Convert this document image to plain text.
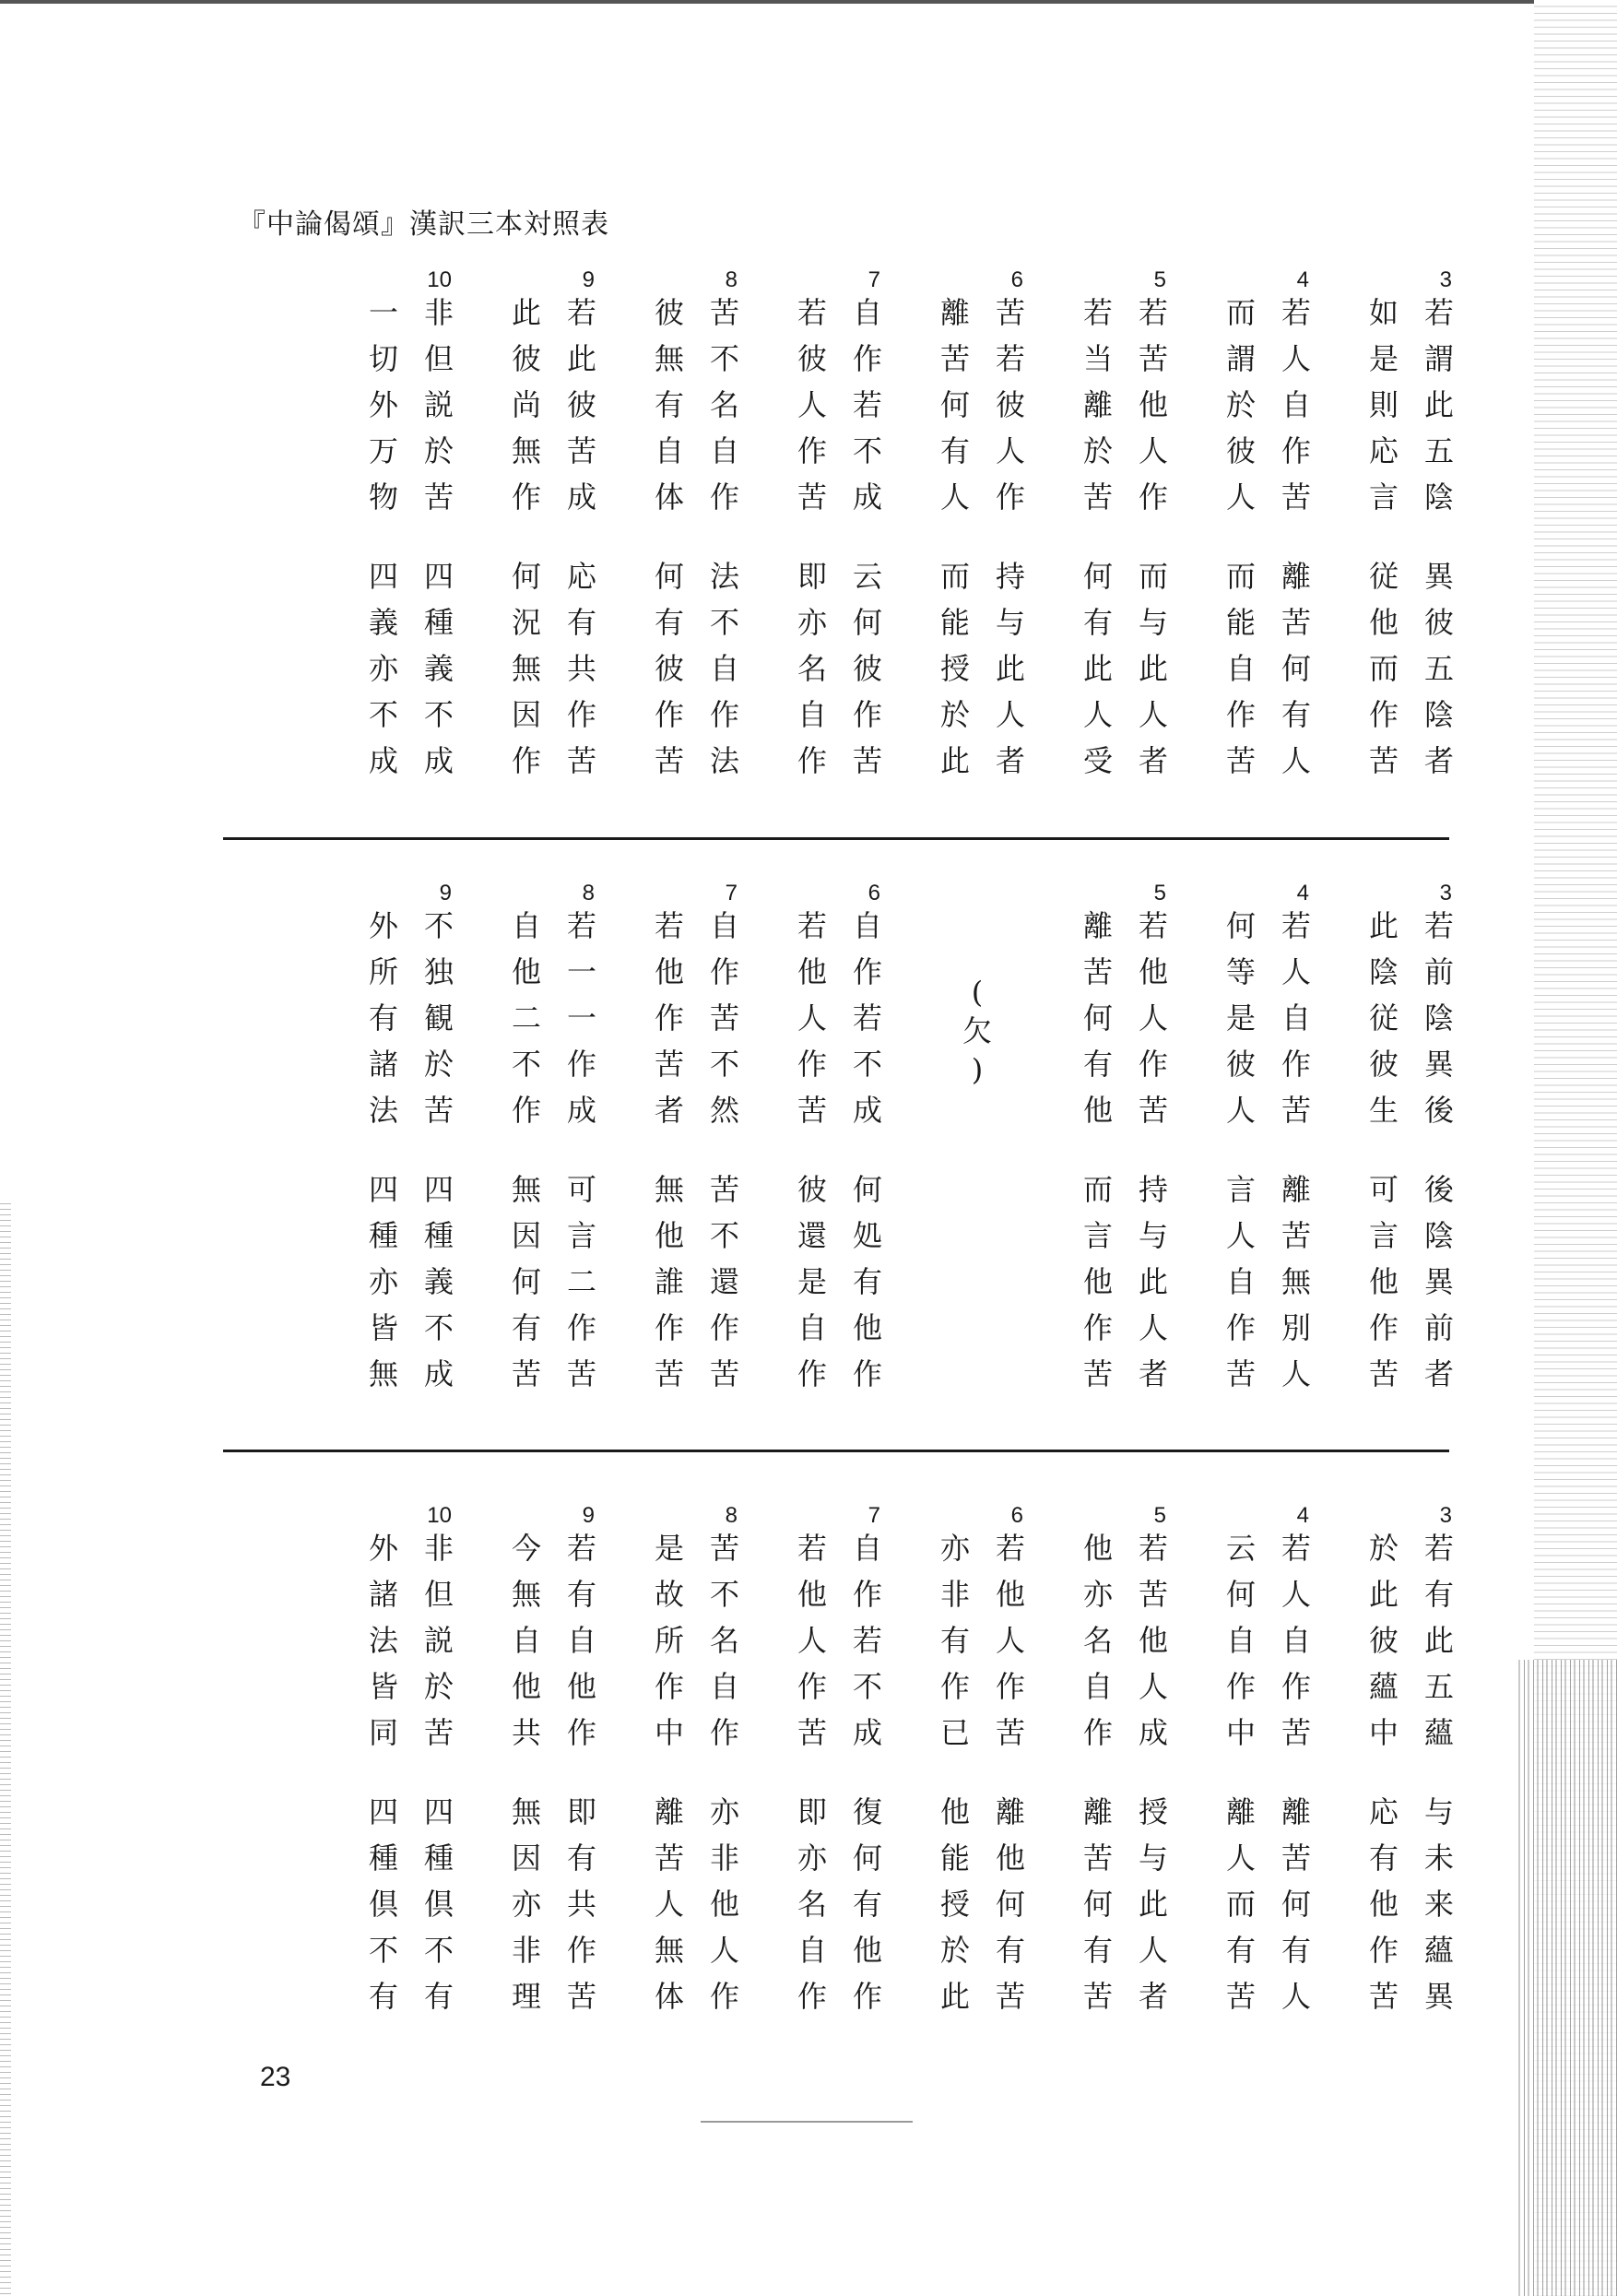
『中論偈頌』漢訳三本対照表
10
非
但
説
於
苦
一
切
外
万
物
四
種
義
不
成
四
義
亦
不
成
9
若
此
彼
苦
成
此
彼
尚
無
作
応
有
共
作
苦
何
況
無
因
作
8
苦
不
名
自
作
彼
無
有
自
体
法
不
自
作
法
何
有
彼
作
苦
7
自
作
若
不
成
若
彼
人
作
苦
云
何
彼
作
苦
即
亦
名
自
作
6
苦
若
彼
人
作
離
苦
何
有
人
持
与
此
人
者
而
能
授
於
此
5
若
苦
他
人
作
若
当
離
於
苦
而
与
此
人
者
何
有
此
人
受
4
若
人
自
作
苦
而
謂
於
彼
人
離
苦
何
有
人
而
能
自
作
苦
3
若
謂
此
五
陰
如
是
則
応
言
異
彼
五
陰
者
従
他
而
作
苦
9
不
独
観
於
苦
外
所
有
諸
法
四
種
義
不
成
四
種
亦
皆
無
8
若
一
一
作
成
自
他
二
不
作
可
言
二
作
苦
無
因
何
有
苦
7
自
作
苦
不
然
若
他
作
苦
者
苦
不
還
作
苦
無
他
誰
作
苦
6
自
作
若
不
成
若
他
人
作
苦
何
処
有
他
作
彼
還
是
自
作
(
欠
)
5
若
他
人
作
苦
離
苦
何
有
他
持
与
此
人
者
而
言
他
作
苦
4
若
人
自
作
苦
何
等
是
彼
人
離
苦
無
別
人
言
人
自
作
苦
3
若
前
陰
異
後
此
陰
従
彼
生
後
陰
異
前
者
可
言
他
作
苦
10
非
但
説
於
苦
外
諸
法
皆
同
四
種
倶
不
有
四
種
倶
不
有
9
若
有
自
他
作
今
無
自
他
共
即
有
共
作
苦
無
因
亦
非
理
8
苦
不
名
自
作
是
故
所
作
中
亦
非
他
人
作
離
苦
人
無
体
7
自
作
若
不
成
若
他
人
作
苦
復
何
有
他
作
即
亦
名
自
作
6
若
他
人
作
苦
亦
非
有
作
已
離
他
何
有
苦
他
能
授
於
此
5
若
苦
他
人
成
他
亦
名
自
作
授
与
此
人
者
離
苦
何
有
苦
4
若
人
自
作
苦
云
何
自
作
中
離
苦
何
有
人
離
人
而
有
苦
3
若
有
此
五
蘊
於
此
彼
蘊
中
与
未
来
蘊
異
応
有
他
作
苦
23
